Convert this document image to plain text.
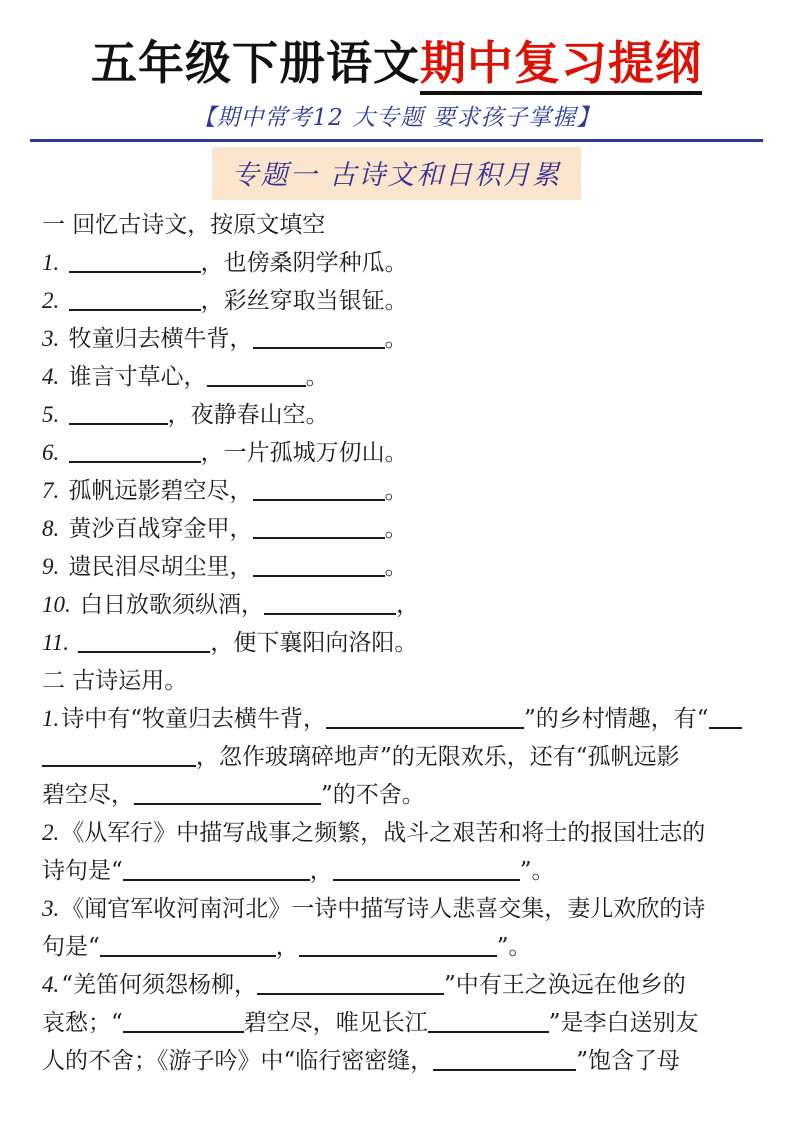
五年级下册语文期中复习提纲
【期中常考12 大专题 要求孩子掌握】
专题一 古诗文和日积月累
一 回忆古诗文，按原文填空
1.	，也傍桑阴学种瓜。
2.	，彩丝穿取当银钲。
3. 牧童归去横牛背，	。
4. 谁言寸草心，	。
5.	，夜静春山空。
6.	，一片孤城万仞山。
7. 孤帆远影碧空尽，	。
8. 黄沙百战穿金甲，	。
9. 遗民泪尽胡尘里，	。
10. 白日放歌须纵酒，	，
11.	，便下襄阳向洛阳。
二 古诗运用。
1.诗中有“牧童归去横牛背，	”的乡村情趣，有“
，忽作玻璃碎地声”的无限欢乐，还有“孤帆远影
碧空尽，	”的不舍。
2.《从军行》中描写战事之频繁，战斗之艰苦和将士的报国壮志的
诗句是“	，	”。
3.《闻官军收河南河北》一诗中描写诗人悲喜交集，妻儿欢欣的诗
句是“	，	”。
4.“羌笛何须怨杨柳，	”中有王之涣远在他乡的
哀愁；“	碧空尽，唯见长江	”是李白送别友
人的不舍；《游子吟》中“临行密密缝，	”饱含了母
